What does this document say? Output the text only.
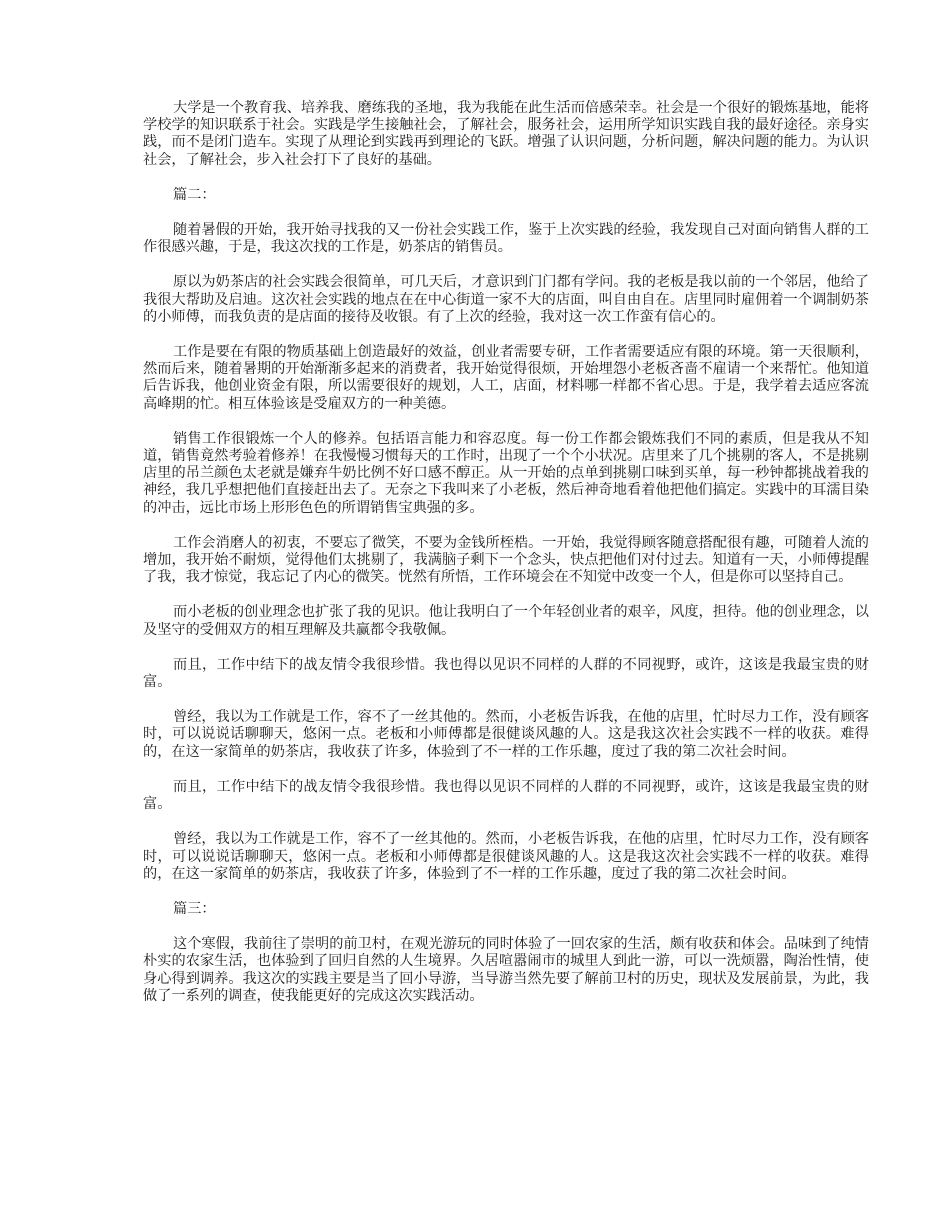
大学是一个教育我、培养我、磨练我的圣地，我为我能在此生活而倍感荣幸。社会是一个很好的锻炼基地，能将学校学的知识联系于社会。实践是学生接触社会，了解社会，服务社会，运用所学知识实践自我的最好途径。亲身实践，而不是闭门造车。实现了从理论到实践再到理论的飞跃。增强了认识问题，分析问题，解决问题的能力。为认识社会，了解社会，步入社会打下了良好的基础。

篇二：

随着暑假的开始，我开始寻找我的又一份社会实践工作，鉴于上次实践的经验，我发现自己对面向销售人群的工作很感兴趣，于是，我这次找的工作是，奶茶店的销售员。

原以为奶茶店的社会实践会很简单，可几天后，才意识到门门都有学问。我的老板是我以前的一个邻居，他给了我很大帮助及启迪。这次社会实践的地点在在中心街道一家不大的店面，叫自由自在。店里同时雇佣着一个调制奶茶的小师傅，而我负责的是店面的接待及收银。有了上次的经验，我对这一次工作蛮有信心的。

工作是要在有限的物质基础上创造最好的效益，创业者需要专研，工作者需要适应有限的环境。第一天很顺利，然而后来，随着暑期的开始渐渐多起来的消费者，我开始觉得很烦，开始埋怨小老板吝啬不雇请一个来帮忙。他知道后告诉我，他创业资金有限，所以需要很好的规划，人工，店面，材料哪一样都不省心思。于是，我学着去适应客流高峰期的忙。相互体验该是受雇双方的一种美德。

销售工作很锻炼一个人的修养。包括语言能力和容忍度。每一份工作都会锻炼我们不同的素质，但是我从不知道，销售竟然考验着修养！在我慢慢习惯每天的工作时，出现了一个个小状况。店里来了几个挑剔的客人，不是挑剔店里的吊兰颜色太老就是嫌弃牛奶比例不好口感不醇正。从一开始的点单到挑剔口味到买单，每一秒钟都挑战着我的神经，我几乎想把他们直接赶出去了。无奈之下我叫来了小老板，然后神奇地看着他把他们搞定。实践中的耳濡目染的冲击，远比市场上形形色色的所谓销售宝典强的多。

工作会消磨人的初衷，不要忘了微笑，不要为金钱所桎梏。一开始，我觉得顾客随意搭配很有趣，可随着人流的增加，我开始不耐烦，觉得他们太挑剔了，我满脑子剩下一个念头，快点把他们对付过去。知道有一天，小师傅提醒了我，我才惊觉，我忘记了内心的微笑。恍然有所悟，工作环境会在不知觉中改变一个人，但是你可以坚持自己。

而小老板的创业理念也扩张了我的见识。他让我明白了一个年轻创业者的艰辛，风度，担待。他的创业理念，以及坚守的受佣双方的相互理解及共赢都令我敬佩。

而且，工作中结下的战友情令我很珍惜。我也得以见识不同样的人群的不同视野，或许，这该是我最宝贵的财富。

曾经，我以为工作就是工作，容不了一丝其他的。然而，小老板告诉我，在他的店里，忙时尽力工作，没有顾客时，可以说说话聊聊天，悠闲一点。老板和小师傅都是很健谈风趣的人。这是我这次社会实践不一样的收获。难得的，在这一家简单的奶茶店，我收获了许多，体验到了不一样的工作乐趣，度过了我的第二次社会时间。

而且，工作中结下的战友情令我很珍惜。我也得以见识不同样的人群的不同视野，或许，这该是我最宝贵的财富。

曾经，我以为工作就是工作，容不了一丝其他的。然而，小老板告诉我，在他的店里，忙时尽力工作，没有顾客时，可以说说话聊聊天，悠闲一点。老板和小师傅都是很健谈风趣的人。这是我这次社会实践不一样的收获。难得的，在这一家简单的奶茶店，我收获了许多，体验到了不一样的工作乐趣，度过了我的第二次社会时间。

篇三：

这个寒假，我前往了崇明的前卫村，在观光游玩的同时体验了一回农家的生活，颇有收获和体会。品味到了纯情朴实的农家生活，也体验到了回归自然的人生境界。久居喧嚣闹市的城里人到此一游，可以一洗烦嚣，陶治性情，使身心得到调养。我这次的实践主要是当了回小导游，当导游当然先要了解前卫村的历史，现状及发展前景，为此，我做了一系列的调查，使我能更好的完成这次实践活动。
